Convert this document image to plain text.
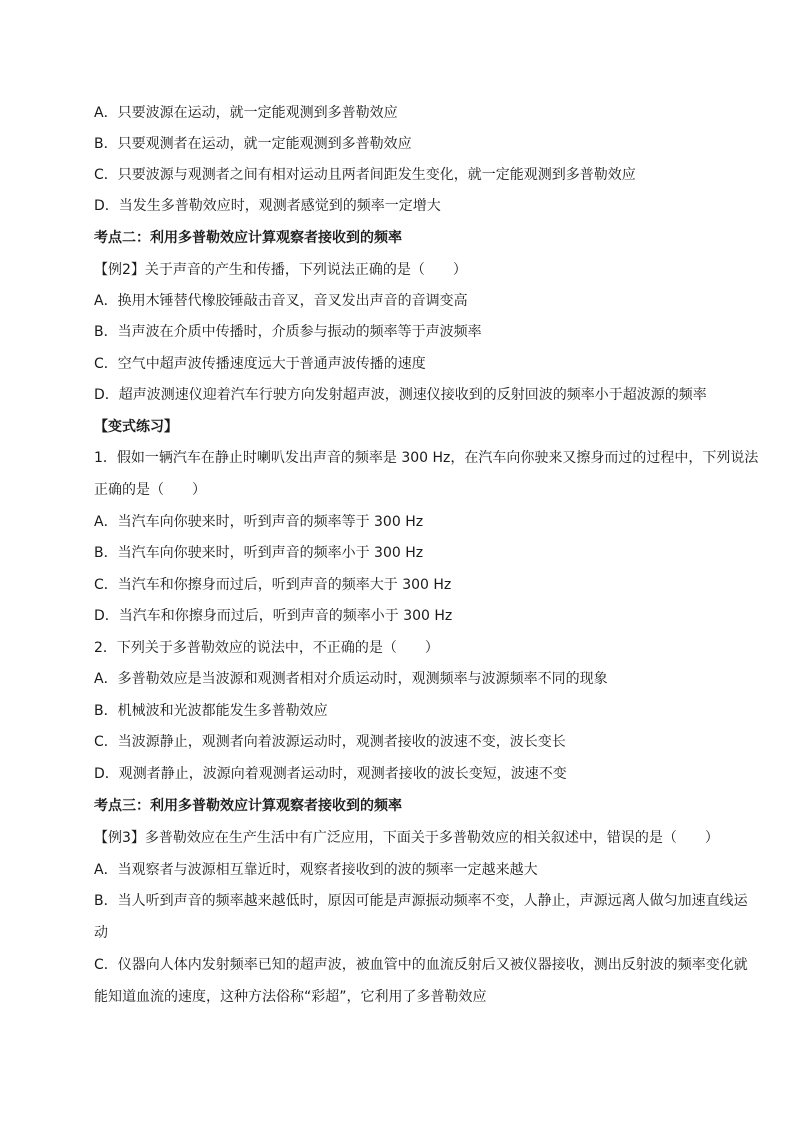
A．只要波源在运动，就一定能观测到多普勒效应
B．只要观测者在运动，就一定能观测到多普勒效应
C．只要波源与观测者之间有相对运动且两者间距发生变化，就一定能观测到多普勒效应
D．当发生多普勒效应时，观测者感觉到的频率一定增大
考点二：利用多普勒效应计算观察者接收到的频率
【例2】关于声音的产生和传播，下列说法正确的是（　　）
A．换用木锤替代橡胶锤敲击音叉，音叉发出声音的音调变高
B．当声波在介质中传播时，介质参与振动的频率等于声波频率
C．空气中超声波传播速度远大于普通声波传播的速度
D．超声波测速仪迎着汽车行驶方向发射超声波，测速仪接收到的反射回波的频率小于超波源的频率
【变式练习】
1．假如一辆汽车在静止时喇叭发出声音的频率是 300 Hz，在汽车向你驶来又擦身而过的过程中，下列说法
正确的是（　　）
A．当汽车向你驶来时，听到声音的频率等于 300 Hz
B．当汽车向你驶来时，听到声音的频率小于 300 Hz
C．当汽车和你擦身而过后，听到声音的频率大于 300 Hz
D．当汽车和你擦身而过后，听到声音的频率小于 300 Hz
2．下列关于多普勒效应的说法中，不正确的是（　　）
A．多普勒效应是当波源和观测者相对介质运动时，观测频率与波源频率不同的现象
B．机械波和光波都能发生多普勒效应
C．当波源静止，观测者向着波源运动时，观测者接收的波速不变，波长变长
D．观测者静止，波源向着观测者运动时，观测者接收的波长变短，波速不变
考点三：利用多普勒效应计算观察者接收到的频率
【例3】多普勒效应在生产生活中有广泛应用，下面关于多普勒效应的相关叙述中，错误的是（　　）
A．当观察者与波源相互靠近时，观察者接收到的波的频率一定越来越大
B．当人听到声音的频率越来越低时，原因可能是声源振动频率不变，人静止，声源远离人做匀加速直线运
动
C．仪器向人体内发射频率已知的超声波，被血管中的血流反射后又被仪器接收，测出反射波的频率变化就
能知道血流的速度，这种方法俗称“彩超”，它利用了多普勒效应
